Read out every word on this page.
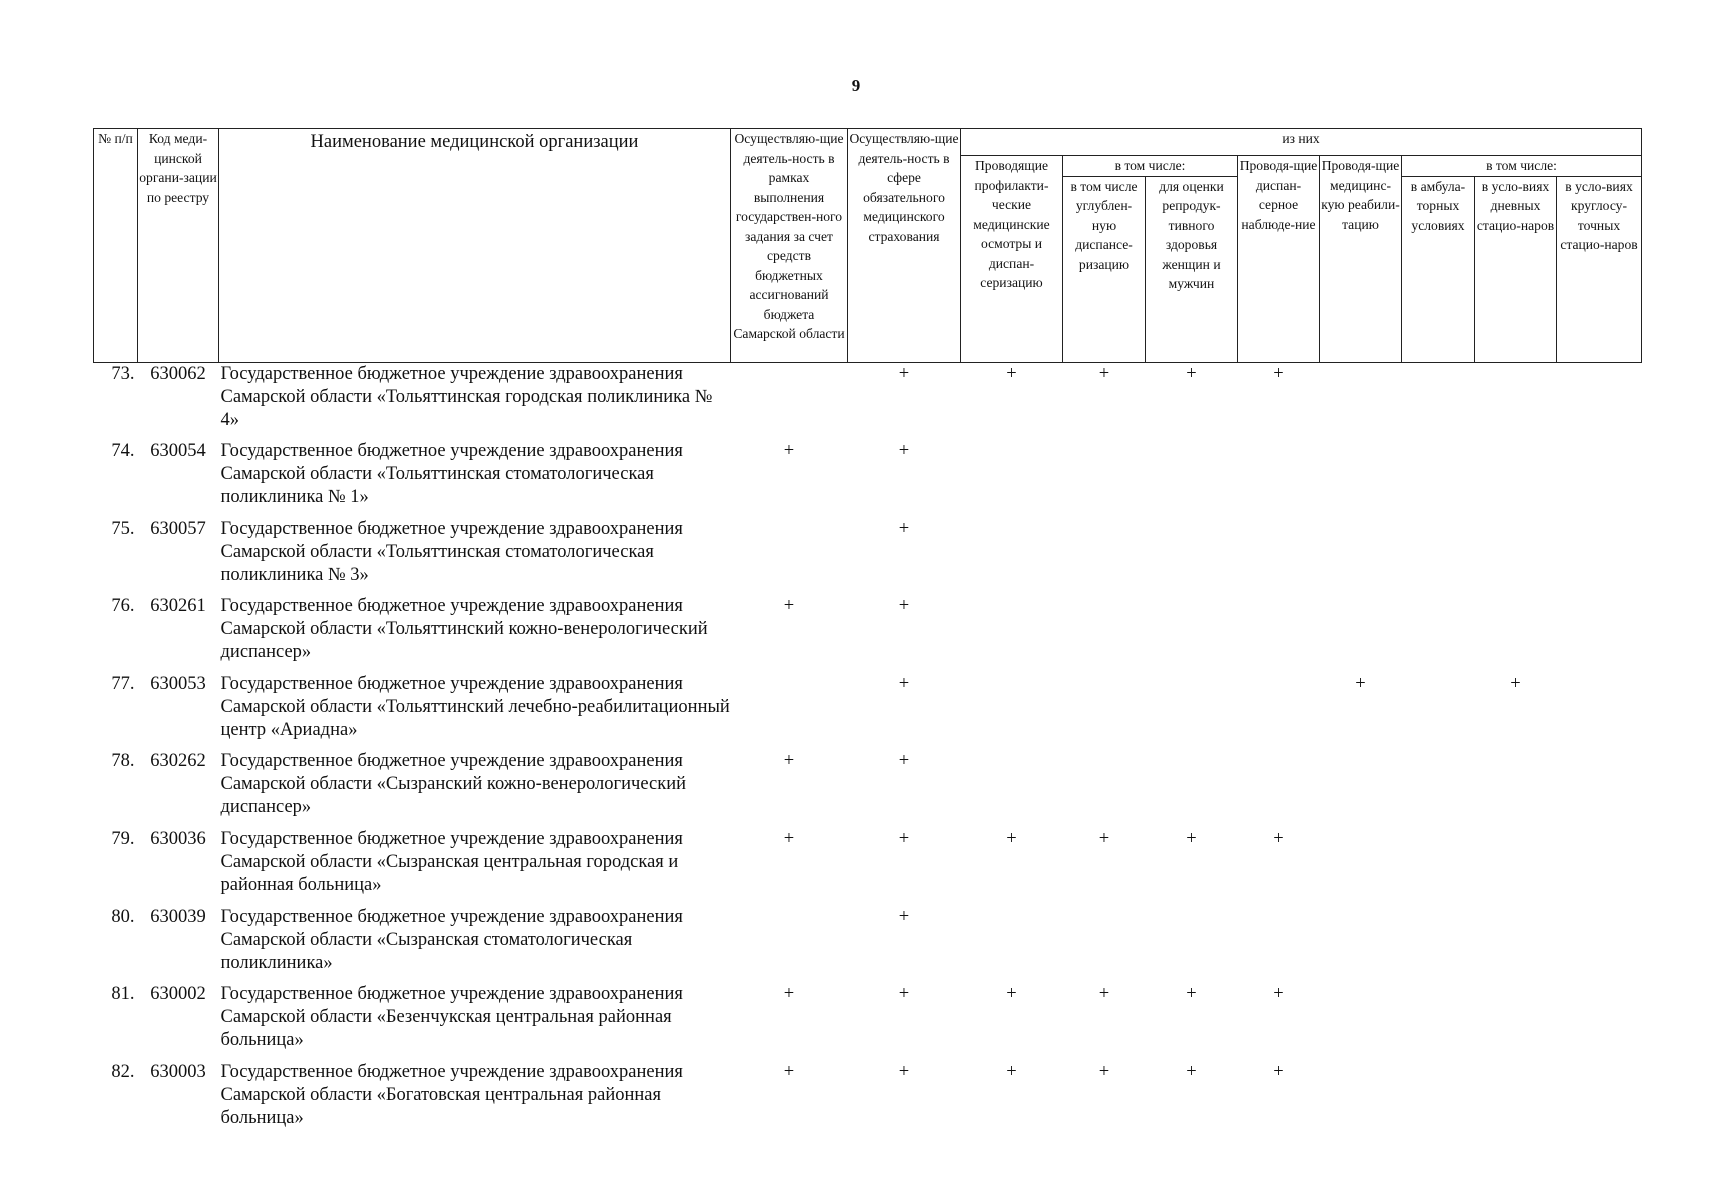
9
№ п/п	Код меди-цинской органи-зации по реестру	Наименование медицинской организации	Осуществляю-щие деятель-ность в рамках выполнения государствен-ного задания за счет средств бюджетных ассигнований бюджета Самарской области	Осуществляю-щие деятель-ность в сфере обязательного медицинского страхования	из них							
					Проводящие профилакти-ческие медицинские осмотры и диспан-серизацию	в том числе:		Проводя-щие диспан-серное наблюде-ние	Проводя-щие медицинс-кую реабили-тацию	в том числе:		
						в том числе углублен-ную диспансе-ризацию	для оценки репродук-тивного здоровья женщин и мужчин			в амбула-торных условиях	в усло-виях дневных стацио-наров	в усло-виях круглосу-точных стацио-наров
73.	630062	Государственное бюджетное учреждение здравоохранения Самарской области «Тольяттинская городская поликлиника № 4»		+	+	+	+	+				
74.	630054	Государственное бюджетное учреждение здравоохранения Самарской области «Тольяттинская стоматологическая поликлиника № 1»	+	+								
75.	630057	Государственное бюджетное учреждение здравоохранения Самарской области «Тольяттинская стоматологическая поликлиника № 3»		+								
76.	630261	Государственное бюджетное учреждение здравоохранения Самарской области «Тольяттинский кожно-венерологический диспансер»	+	+								
77.	630053	Государственное бюджетное учреждение здравоохранения Самарской области «Тольяттинский лечебно-реабилитационный центр «Ариадна»		+					+		+	
78.	630262	Государственное бюджетное учреждение здравоохранения Самарской области «Сызранский кожно-венерологический диспансер»	+	+								
79.	630036	Государственное бюджетное учреждение здравоохранения Самарской области «Сызранская центральная городская и районная больница»	+	+	+	+	+	+				
80.	630039	Государственное бюджетное учреждение здравоохранения Самарской области «Сызранская стоматологическая поликлиника»		+								
81.	630002	Государственное бюджетное учреждение здравоохранения Самарской области «Безенчукская центральная районная больница»	+	+	+	+	+	+				
82.	630003	Государственное бюджетное учреждение здравоохранения Самарской области «Богатовская центральная районная больница»	+	+	+	+	+	+				
